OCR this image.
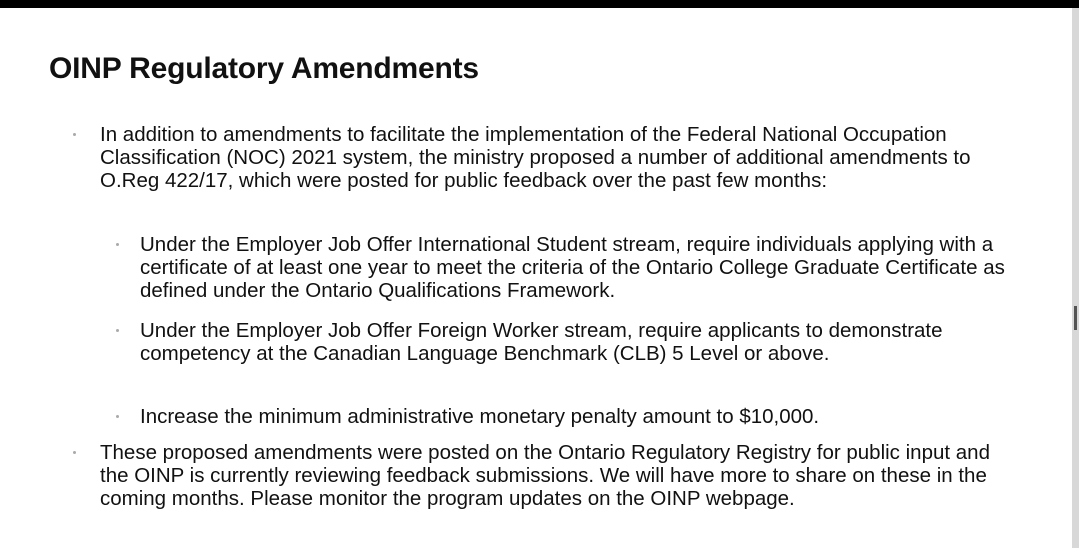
OINP Regulatory Amendments
In addition to amendments to facilitate the implementation of the Federal National Occupation Classification (NOC) 2021 system, the ministry proposed a number of additional amendments to O.Reg 422/17, which were posted for public feedback over the past few months:
Under the Employer Job Offer International Student stream, require individuals applying with a certificate of at least one year to meet the criteria of the Ontario College Graduate Certificate as defined under the Ontario Qualifications Framework.
Under the Employer Job Offer Foreign Worker stream, require applicants to demonstrate competency at the Canadian Language Benchmark (CLB) 5 Level or above.
Increase the minimum administrative monetary penalty amount to $10,000.
These proposed amendments were posted on the Ontario Regulatory Registry for public input and the OINP is currently reviewing feedback submissions. We will have more to share on these in the coming months. Please monitor the program updates on the OINP webpage.
